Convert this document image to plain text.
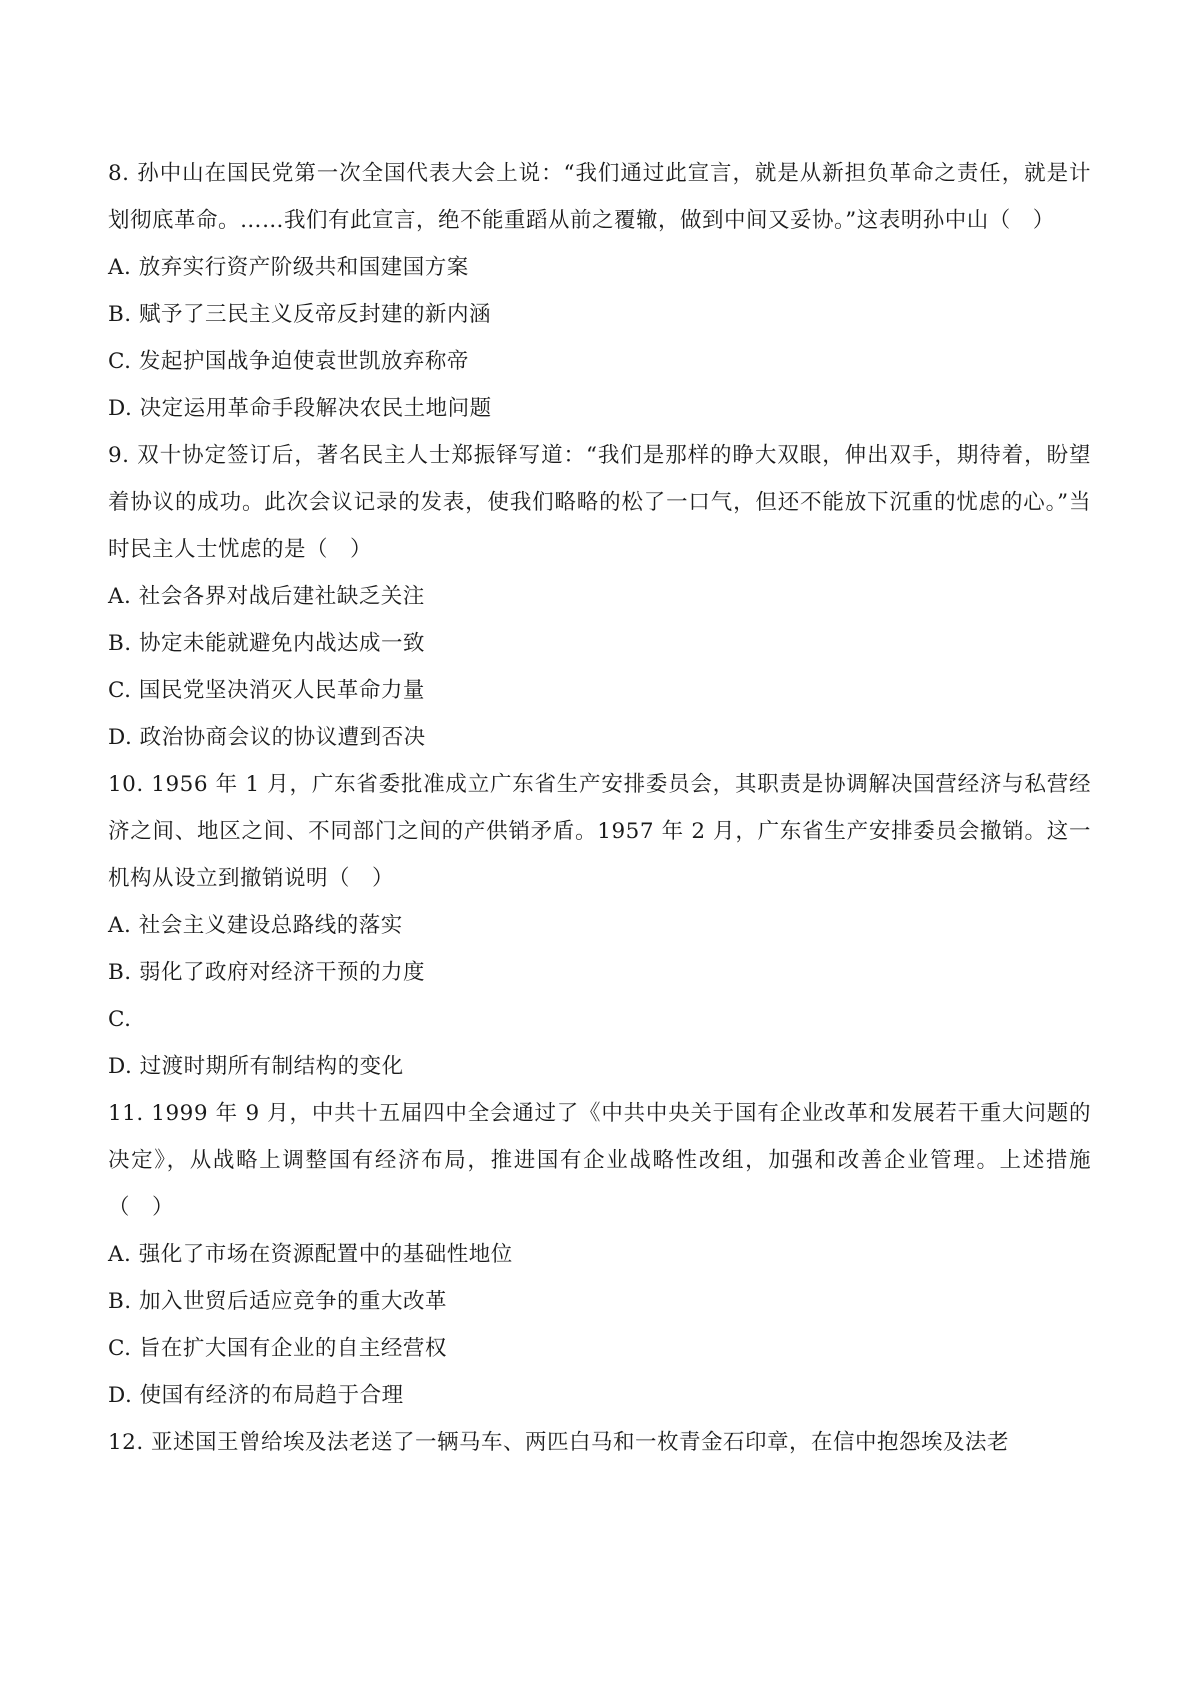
8. 孙中山在国民党第一次全国代表大会上说：“我们通过此宣言，就是从新担负革命之责任，就是计划彻底革命。……我们有此宣言，绝不能重蹈从前之覆辙，做到中间又妥协。”这表明孙中山（　）

A. 放弃实行资产阶级共和国建国方案

B. 赋予了三民主义反帝反封建的新内涵

C. 发起护国战争迫使袁世凯放弃称帝

D. 决定运用革命手段解决农民土地问题

9. 双十协定签订后，著名民主人士郑振铎写道：“我们是那样的睁大双眼，伸出双手，期待着，盼望着协议的成功。此次会议记录的发表，使我们略略的松了一口气，但还不能放下沉重的忧虑的心。”当时民主人士忧虑的是（　）

A. 社会各界对战后建社缺乏关注

B. 协定未能就避免内战达成一致

C. 国民党坚决消灭人民革命力量

D. 政治协商会议的协议遭到否决

10. 1956 年 1 月，广东省委批准成立广东省生产安排委员会，其职责是协调解决国营经济与私营经济之间、地区之间、不同部门之间的产供销矛盾。1957 年 2 月，广东省生产安排委员会撤销。这一机构从设立到撤销说明（　）

A. 社会主义建设总路线的落实

B. 弱化了政府对经济干预的力度

C.

D. 过渡时期所有制结构的变化

11. 1999 年 9 月，中共十五届四中全会通过了《中共中央关于国有企业改革和发展若干重大问题的决定》，从战略上调整国有经济布局，推进国有企业战略性改组，加强和改善企业管理。上述措施（　）

A. 强化了市场在资源配置中的基础性地位

B. 加入世贸后适应竞争的重大改革

C. 旨在扩大国有企业的自主经营权

D. 使国有经济的布局趋于合理

12. 亚述国王曾给埃及法老送了一辆马车、两匹白马和一枚青金石印章，在信中抱怨埃及法老
